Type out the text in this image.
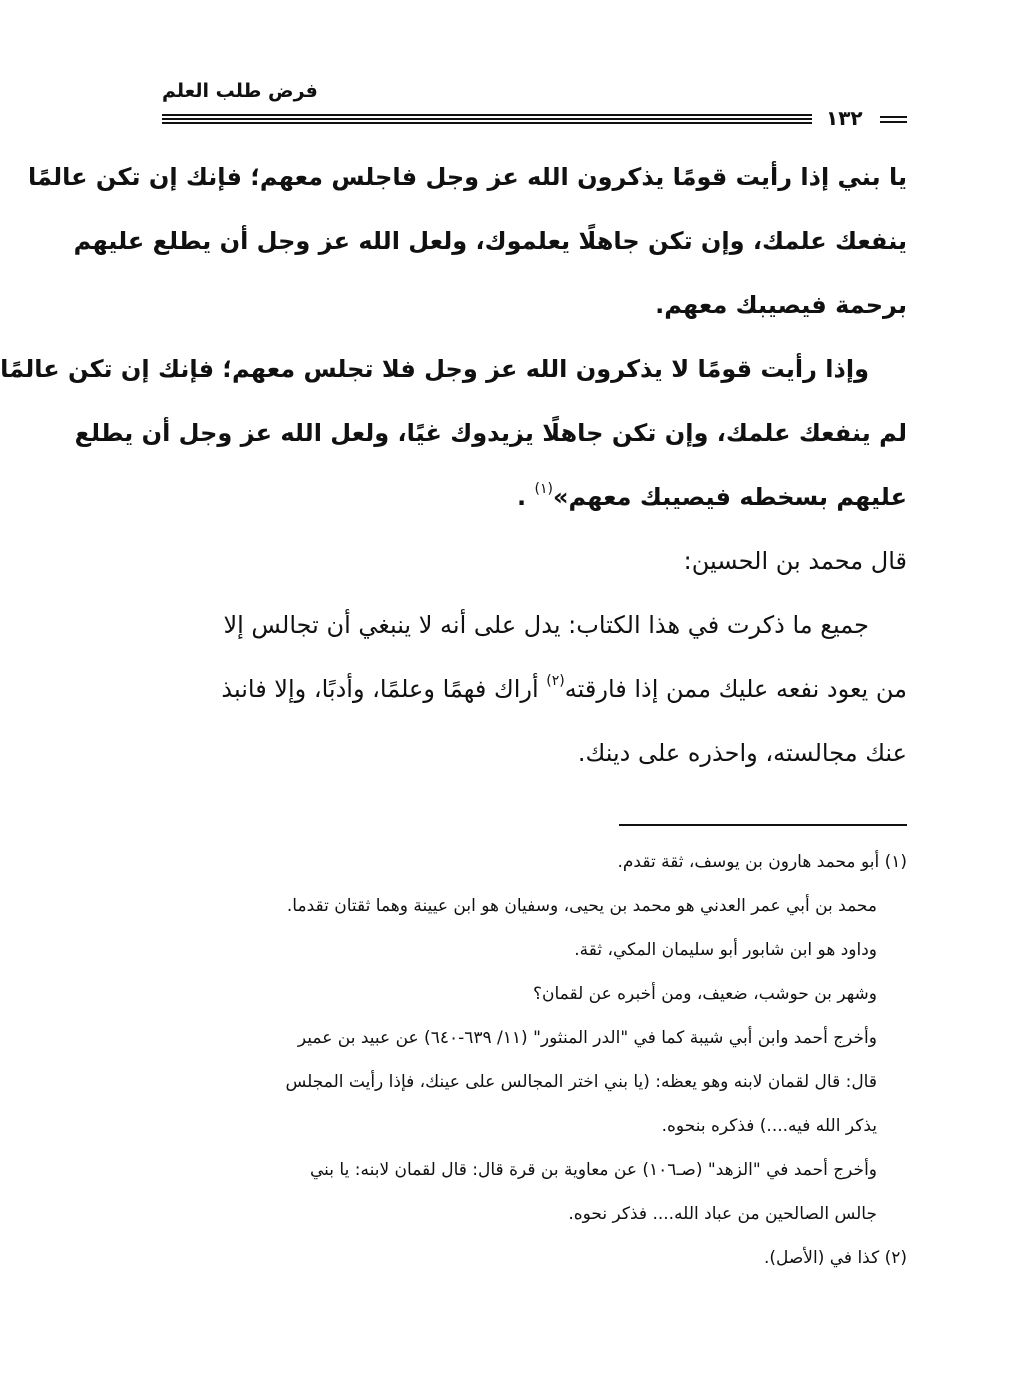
فرض طلب العلم
١٣٢
يا بني إذا رأيت قومًا يذكرون الله عز وجل فاجلس معهم؛ فإنك إن تكن عالمًا
ينفعك علمك، وإن تكن جاهلًا يعلموك، ولعل الله عز وجل أن يطلع عليهم
برحمة فيصيبك معهم.
وإذا رأيت قومًا لا يذكرون الله عز وجل فلا تجلس معهم؛ فإنك إن تكن عالمًا
لم ينفعك علمك، وإن تكن جاهلًا يزيدوك غيًا، ولعل الله عز وجل أن يطلع
عليهم بسخطه فيصيبك معهم»$^{(١)}$ .
قال محمد بن الحسين:
جميع ما ذكرت في هذا الكتاب: يدل على أنه لا ينبغي أن تجالس إلا
من يعود نفعه عليك ممن إذا فارقته$^{(٢)}$ أراك فهمًا وعلمًا، وأدبًا، وإلا فانبذ
عنك مجالسته، واحذره على دينك.
(١) أبو محمد هارون بن يوسف، ثقة تقدم.
محمد بن أبي عمر العدني هو محمد بن يحيى، وسفيان هو ابن عيينة وهما ثقتان تقدما.
وداود هو ابن شابور أبو سليمان المكي، ثقة.
وشهر بن حوشب، ضعيف، ومن أخبره عن لقمان؟
وأخرج أحمد وابن أبي شيبة كما في "الدر المنثور" (١١/ ٦٣٩-٦٤٠) عن عبيد بن عمير
قال: قال لقمان لابنه وهو يعظه: (يا بني اختر المجالس على عينك، فإذا رأيت المجلس
يذكر الله فيه....) فذكره بنحوه.
وأخرج أحمد في "الزهد" (صـ١٠٦) عن معاوية بن قرة قال: قال لقمان لابنه: يا بني
جالس الصالحين من عباد الله.... فذكر نحوه.
(٢) كذا في (الأصل).
